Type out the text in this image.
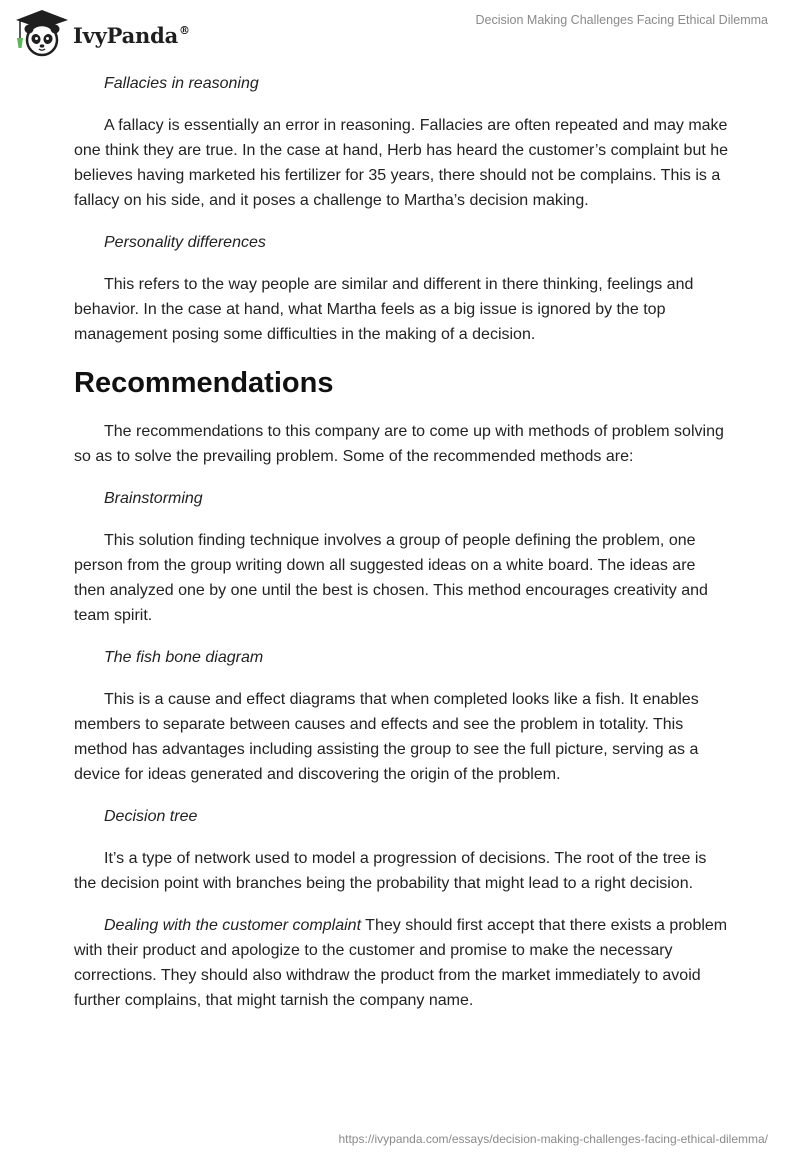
IvyPanda®
Decision Making Challenges Facing Ethical Dilemma
Fallacies in reasoning

A fallacy is essentially an error in reasoning. Fallacies are often repeated and may make one think they are true. In the case at hand, Herb has heard the customer’s complaint but he believes having marketed his fertilizer for 35 years, there should not be complains. This is a fallacy on his side, and it poses a challenge to Martha’s decision making.

Personality differences

This refers to the way people are similar and different in there thinking, feelings and behavior. In the case at hand, what Martha feels as a big issue is ignored by the top management posing some difficulties in the making of a decision.

Recommendations

The recommendations to this company are to come up with methods of problem solving so as to solve the prevailing problem. Some of the recommended methods are:

Brainstorming

This solution finding technique involves a group of people defining the problem, one person from the group writing down all suggested ideas on a white board. The ideas are then analyzed one by one until the best is chosen. This method encourages creativity and team spirit.

The fish bone diagram

This is a cause and effect diagrams that when completed looks like a fish. It enables members to separate between causes and effects and see the problem in totality. This method has advantages including assisting the group to see the full picture, serving as a device for ideas generated and discovering the origin of the problem.

Decision tree

It’s a type of network used to model a progression of decisions. The root of the tree is the decision point with branches being the probability that might lead to a right decision.

Dealing with the customer complaint They should first accept that there exists a problem with their product and apologize to the customer and promise to make the necessary corrections. They should also withdraw the product from the market immediately to avoid further complains, that might tarnish the company name.

https://ivypanda.com/essays/decision-making-challenges-facing-ethical-dilemma/
